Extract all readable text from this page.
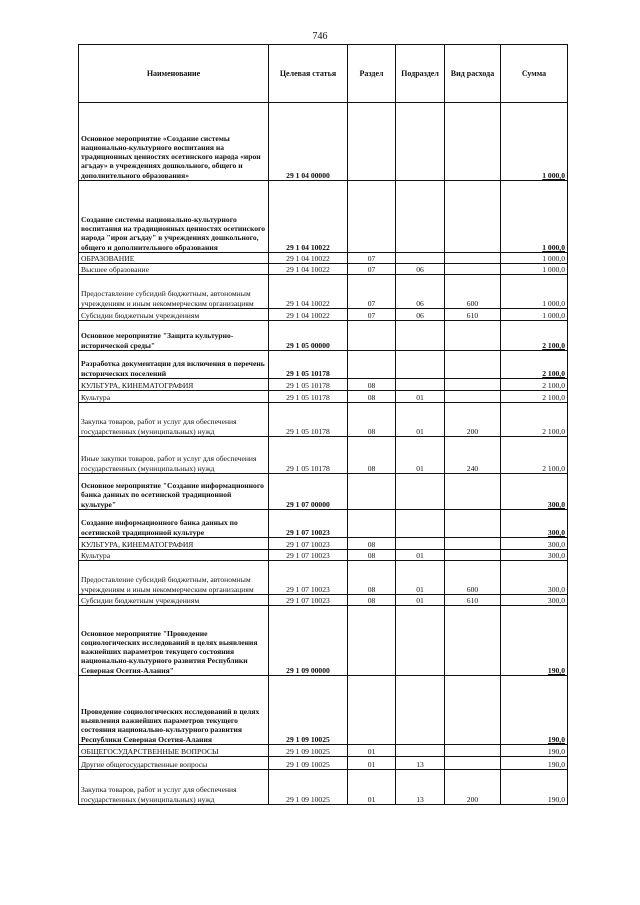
746
Наименование	Целевая статья	Раздел	Подраздел	Вид расхода	Сумма
Основное мероприятие «Создание системы национально-культурного воспитания на традиционных ценностях осетинского народа «ирон агъдау» в учреждениях дошкольного, общего и дополнительного образования»	29 1 04 00000				1 000,0
Создание системы национально-культурного воспитания на традиционных ценностях осетинского народа "ирон агъдау" в учреждениях дошкольного, общего и дополнительного образования	29 1 04 10022				1 000,0
ОБРАЗОВАНИЕ	29 1 04 10022	07			1 000,0
Высшее образование	29 1 04 10022	07	06		1 000,0
Предоставление субсидий бюджетным, автономным учреждениям и иным некоммерческим организациям	29 1 04 10022	07	06	600	1 000,0
Субсидии бюджетным учреждениям	29 1 04 10022	07	06	610	1 000,0
Основное мероприятие "Защита культурно-исторической среды"	29 1 05 00000				2 100,0
Разработка документации для включения в перечень исторических поселений	29 1 05 10178				2 100,0
КУЛЬТУРА, КИНЕМАТОГРАФИЯ	29 1 05 10178	08			2 100,0
Культура	29 1 05 10178	08	01		2 100,0
Закупка товаров, работ и услуг для обеспечения государственных (муниципальных) нужд	29 1 05 10178	08	01	200	2 100,0
Иные закупки товаров, работ и услуг для обеспечения государственных (муниципальных) нужд	29 1 05 10178	08	01	240	2 100,0
Основное мероприятие "Создание информационного банка данных по осетинской традиционной культуре"	29 1 07 00000				300,0
Создание информационного банка данных по осетинской традиционной культуре	29 1 07 10023				300,0
КУЛЬТУРА, КИНЕМАТОГРАФИЯ	29 1 07 10023	08			300,0
Культура	29 1 07 10023	08	01		300,0
Предоставление субсидий бюджетным, автономным учреждениям и иным некоммерческим организациям	29 1 07 10023	08	01	600	300,0
Субсидии бюджетным учреждениям	29 1 07 10023	08	01	610	300,0
Основное мероприятие "Проведение социологических исследований в целях выявления важнейших параметров текущего состояния национально-культурного развития Республики Северная Осетия-Алания"	29 1 09 00000				190,0
Проведение социологических исследований в целях выявления важнейших параметров текущего состояния национально-культурного развития Республики Северная Осетия-Алания	29 1 09 10025				190,0
ОБЩЕГОСУДАРСТВЕННЫЕ ВОПРОСЫ	29 1 09 10025	01			190,0
Другие общегосударственные вопросы	29 1 09 10025	01	13		190,0
Закупка товаров, работ и услуг для обеспечения государственных (муниципальных) нужд	29 1 09 10025	01	13	200	190,0
